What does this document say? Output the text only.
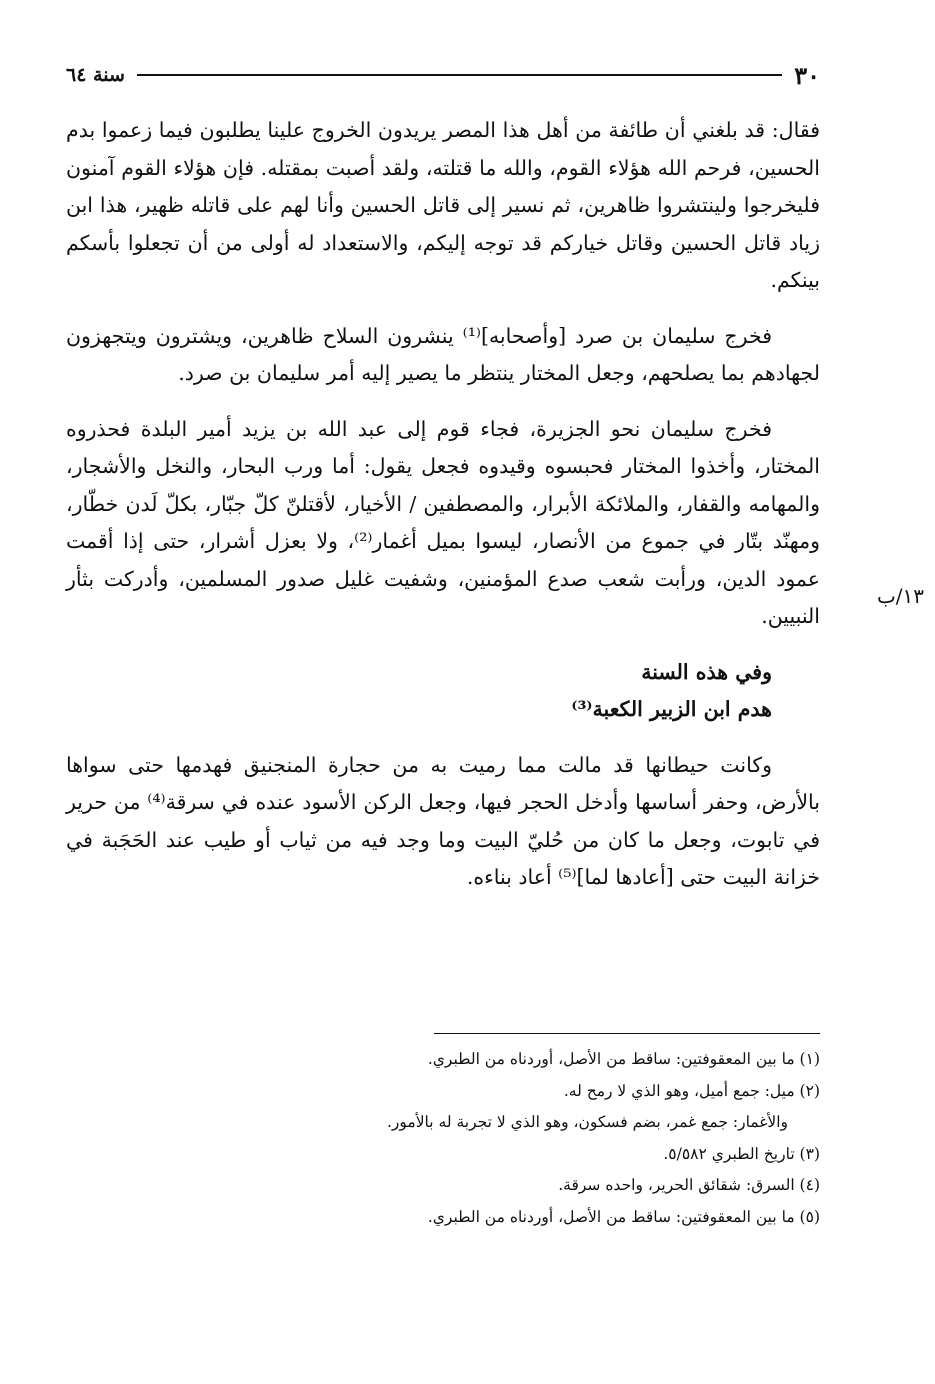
٣٠
سنة ٦٤
١٣/ب

فقال: قد بلغني أن طائفة من أهل هذا المصر يريدون الخروج علينا يطلبون فيما زعموا بدم الحسين، فرحم الله هؤلاء القوم، والله ما قتلته، ولقد أصبت بمقتله. فإن هؤلاء القوم آمنون فليخرجوا ولينتشروا ظاهرين، ثم نسير إلى قاتل الحسين وأنا لهم على قاتله ظهير، هذا ابن زياد قاتل الحسين وقاتل خياركم قد توجه إليكم، والاستعداد له أولى من أن تجعلوا بأسكم بينكم.

فخرج سليمان بن صرد [وأصحابه]⁽¹⁾ ينشرون السلاح ظاهرين، ويشترون ويتجهزون لجهادهم بما يصلحهم، وجعل المختار ينتظر ما يصير إليه أمر سليمان بن صرد.

فخرج سليمان نحو الجزيرة، فجاء قوم إلى عبد الله بن يزيد أمير البلدة فحذروه المختار، وأخذوا المختار فحبسوه وقيدوه فجعل يقول: أما ورب البحار، والنخل والأشجار، والمهامه والقفار، والملائكة الأبرار، والمصطفين / الأخيار، لأقتلنّ كلّ جبّار، بكلّ لَدن خطّار، ومهنّد بتّار في جموع من الأنصار، ليسوا بميل أغمار⁽²⁾، ولا بعزل أشرار، حتى إذا أقمت عمود الدين، ورأبت شعب صدع المؤمنين، وشفيت غليل صدور المسلمين، وأدركت بثأر النبيين.

وفي هذه السنة

هدم ابن الزبير الكعبة⁽³⁾

وكانت حيطانها قد مالت مما رميت به من حجارة المنجنيق فهدمها حتى سواها بالأرض، وحفر أساسها وأدخل الحجر فيها، وجعل الركن الأسود عنده في سرقة⁽⁴⁾ من حرير في تابوت، وجعل ما كان من حُليّ البيت وما وجد فيه من ثياب أو طيب عند الحَجَبة في خزانة البيت حتى [أعادها لما]⁽⁵⁾ أعاد بناءه.

(١) ما بين المعقوفتين: ساقط من الأصل، أوردناه من الطبري.

(٢) ميل: جمع أميل، وهو الذي لا رمح له.

والأغمار: جمع غمر، بضم فسكون، وهو الذي لا تجربة له بالأمور.

(٣) تاريخ الطبري ٥/٥٨٢.

(٤) السرق: شقائق الحرير، واحده سرقة.

(٥) ما بين المعقوفتين: ساقط من الأصل، أوردناه من الطبري.
